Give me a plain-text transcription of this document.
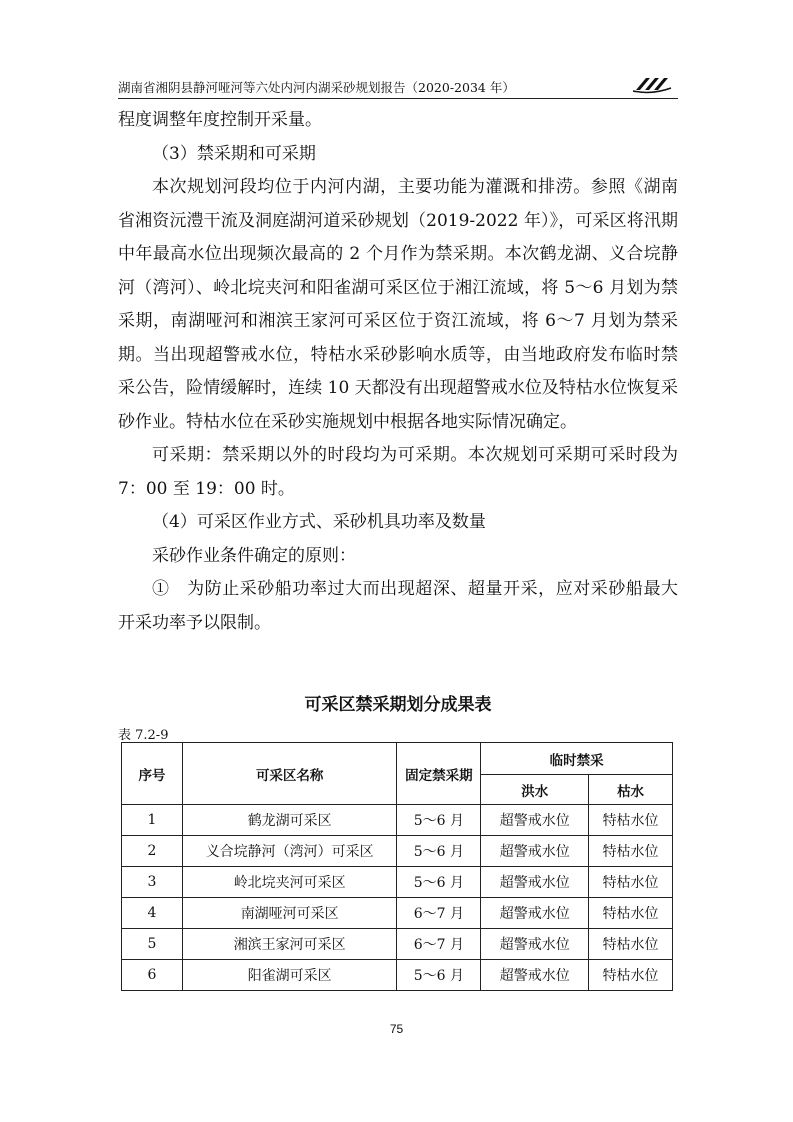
湖南省湘阴县静河哑河等六处内河内湖采砂规划报告（2020-2034 年）

程度调整年度控制开采量。

（3）禁采期和可采期

本次规划河段均位于内河内湖，主要功能为灌溉和排涝。参照《湖南省湘资沅澧干流及洞庭湖河道采砂规划（2019-2022 年）》，可采区将汛期中年最高水位出现频次最高的 2 个月作为禁采期。本次鹤龙湖、义合垸静河（湾河）、岭北垸夹河和阳雀湖可采区位于湘江流域，将 5～6 月划为禁采期，南湖哑河和湘滨王家河可采区位于资江流域，将 6～7 月划为禁采期。当出现超警戒水位，特枯水采砂影响水质等，由当地政府发布临时禁采公告，险情缓解时，连续 10 天都没有出现超警戒水位及特枯水位恢复采砂作业。特枯水位在采砂实施规划中根据各地实际情况确定。

可采期：禁采期以外的时段均为可采期。本次规划可采期可采时段为 7：00 至 19：00 时。

（4）可采区作业方式、采砂机具功率及数量

采砂作业条件确定的原则：

①　为防止采砂船功率过大而出现超深、超量开采，应对采砂船最大开采功率予以限制。

可采区禁采期划分成果表
表 7.2-9
序号	可采区名称	固定禁采期	临时禁采	
			洪水	枯水
1	鹤龙湖可采区	5～6 月	超警戒水位	特枯水位
2	义合垸静河（湾河）可采区	5～6 月	超警戒水位	特枯水位
3	岭北垸夹河可采区	5～6 月	超警戒水位	特枯水位
4	南湖哑河可采区	6～7 月	超警戒水位	特枯水位
5	湘滨王家河可采区	6～7 月	超警戒水位	特枯水位
6	阳雀湖可采区	5～6 月	超警戒水位	特枯水位
75
